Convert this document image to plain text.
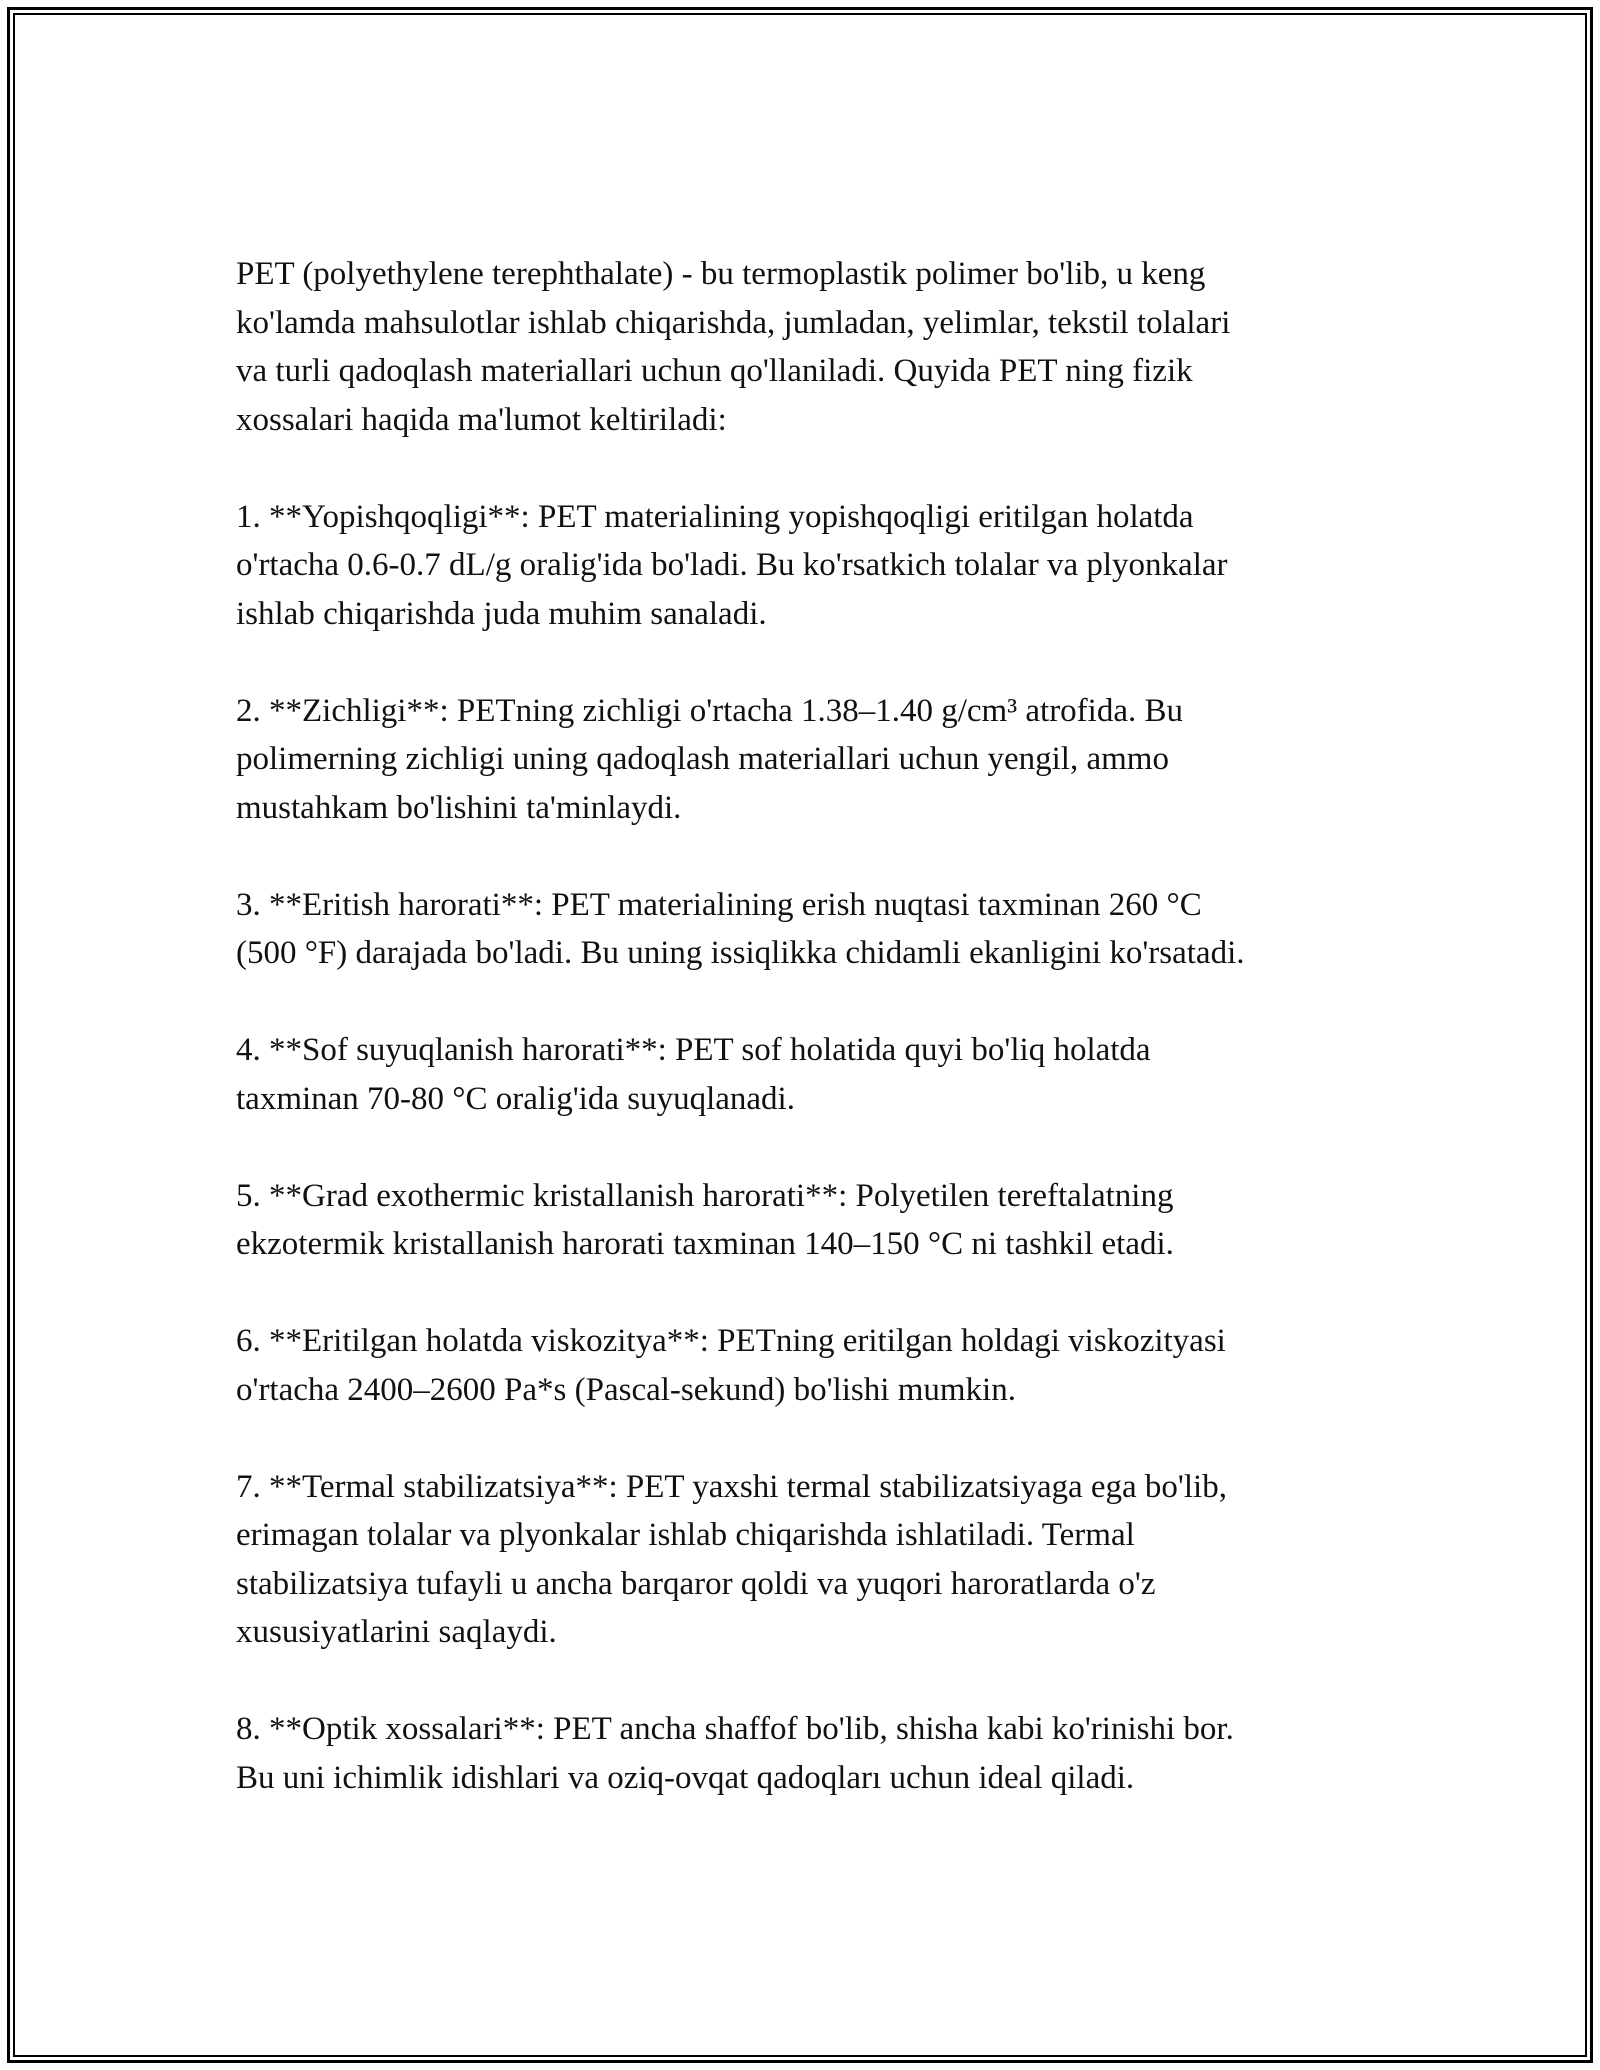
PET (polyethylene terephthalate) - bu termoplastik polimer bo'lib, u keng
ko'lamda mahsulotlar ishlab chiqarishda, jumladan, yelimlar, tekstil tolalari
va turli qadoqlash materiallari uchun qo'llaniladi. Quyida PET ning fizik
xossalari haqida ma'lumot keltiriladi:

1. **Yopishqoqligi**: PET materialining yopishqoqligi eritilgan holatda
o'rtacha 0.6-0.7 dL/g oralig'ida bo'ladi. Bu ko'rsatkich tolalar va plyonkalar
ishlab chiqarishda juda muhim sanaladi.

2. **Zichligi**: PETning zichligi o'rtacha 1.38–1.40 g/cm³ atrofida. Bu
polimerning zichligi uning qadoqlash materiallari uchun yengil, ammo
mustahkam bo'lishini ta'minlaydi.

3. **Eritish harorati**: PET materialining erish nuqtasi taxminan 260 °C
(500 °F) darajada bo'ladi. Bu uning issiqlikka chidamli ekanligini ko'rsatadi.

4. **Sof suyuqlanish harorati**: PET sof holatida quyi bo'liq holatda
taxminan 70-80 °C oralig'ida suyuqlanadi.

5. **Grad exothermic kristallanish harorati**: Polyetilen tereftalatning
ekzotermik kristallanish harorati taxminan 140–150 °C ni tashkil etadi.

6. **Eritilgan holatda viskozitya**: PETning eritilgan holdagi viskozityasi
o'rtacha 2400–2600 Pa*s (Pascal-sekund) bo'lishi mumkin.

7. **Termal stabilizatsiya**: PET yaxshi termal stabilizatsiyaga ega bo'lib,
erimagan tolalar va plyonkalar ishlab chiqarishda ishlatiladi. Termal
stabilizatsiya tufayli u ancha barqaror qoldi va yuqori haroratlarda o'z
xususiyatlarini saqlaydi.

8. **Optik xossalari**: PET ancha shaffof bo'lib, shisha kabi ko'rinishi bor.
Bu uni ichimlik idishlari va oziq-ovqat qadoqları uchun ideal qiladi.
